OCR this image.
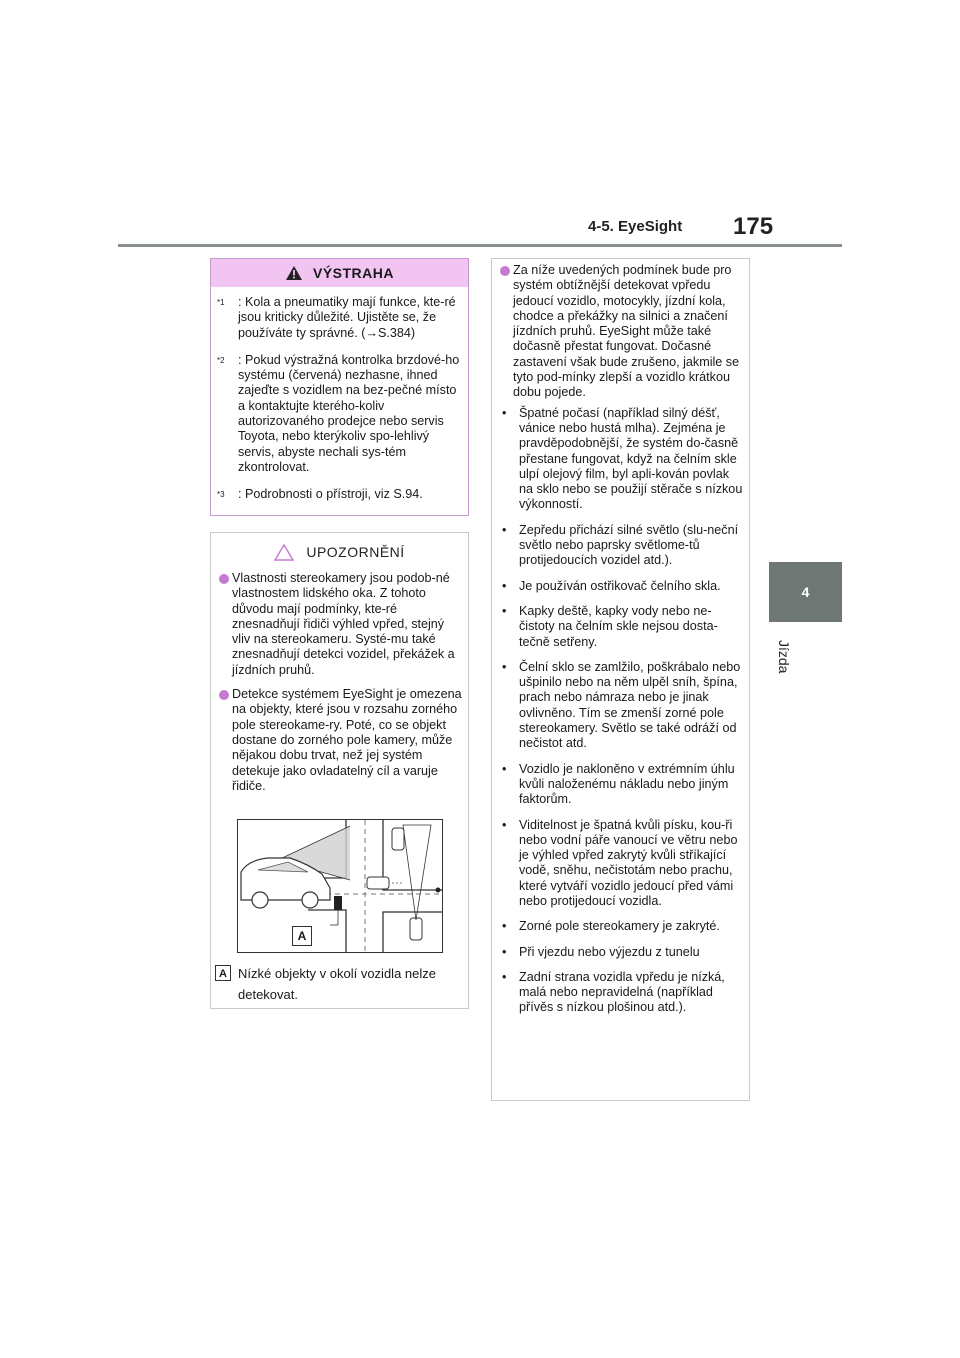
4-5. EyeSight 175
4
Jízda
VÝSTRAHA
$^{*1}$ : Kola a pneumatiky mají funkce, kte-ré jsou kriticky důležité. Ujistěte se, že používáte ty správné. (→S.384)
$^{*2}$ : Pokud výstražná kontrolka brzdové-ho systému (červená) nezhasne, ihned zajeďte s vozidlem na bez-pečné místo a kontaktujte kterého-koliv autorizovaného prodejce nebo servis Toyota, nebo kterýkoliv spo-lehlivý servis, abyste nechali sys-tém zkontrolovat.
$^{*3}$ : Podrobnosti o přístroji, viz S.94.
UPOZORNĚNÍ
Vlastnosti stereokamery jsou podob-né vlastnostem lidského oka. Z tohoto důvodu mají podmínky, kte-ré znesnadňují řidiči výhled vpřed, stejný vliv na stereokameru. Systé-mu také znesnadňují detekci vozidel, překážek a jízdních pruhů.
Detekce systémem EyeSight je omezena na objekty, které jsou v rozsahu zorného pole stereokame-ry. Poté, co se objekt dostane do zorného pole kamery, může nějakou dobu trvat, než jej systém detekuje jako ovladatelný cíl a varuje řidiče.
A
A Nízké objekty v okolí vozidla nelze detekovat.
Za níže uvedených podmínek bude pro systém obtížnější detekovat vpředu jedoucí vozidlo, motocykly, jízdní kola, chodce a překážky na silnici a značení jízdních pruhů. EyeSight může také dočasně přestat fungovat. Dočasné zastavení však bude zrušeno, jakmile se tyto pod-mínky zlepší a vozidlo krátkou dobu pojede.
• Špatné počasí (například silný déšť, vánice nebo hustá mlha). Zejména je pravděpodobnější, že systém do-časně přestane fungovat, když na čelním skle ulpí olejový film, byl apli-kován povlak na sklo nebo se použijí stěrače s nízkou výkonností.
• Zepředu přichází silné světlo (slu-neční světlo nebo paprsky světlome-tů protijedoucích vozidel atd.).
• Je používán ostřikovač čelního skla.
• Kapky deště, kapky vody nebo ne-čistoty na čelním skle nejsou dosta-tečně setřeny.
• Čelní sklo se zamlžilo, poškrábalo nebo ušpinilo nebo na něm ulpěl sníh, špína, prach nebo námraza nebo je jinak ovlivněno. Tím se zmenší zorné pole stereokamery. Světlo se také odráží od nečistot atd.
• Vozidlo je nakloněno v extrémním úhlu kvůli naloženému nákladu nebo jiným faktorům.
• Viditelnost je špatná kvůli písku, kou-ři nebo vodní páře vanoucí ve větru nebo je výhled vpřed zakrytý kvůli stříkající vodě, sněhu, nečistotám nebo prachu, které vytváří vozidlo jedoucí před vámi nebo protijedoucí vozidla.
• Zorné pole stereokamery je zakryté.
• Při vjezdu nebo výjezdu z tunelu
• Zadní strana vozidla vpředu je nízká, malá nebo nepravidelná (například přívěs s nízkou plošinou atd.).
